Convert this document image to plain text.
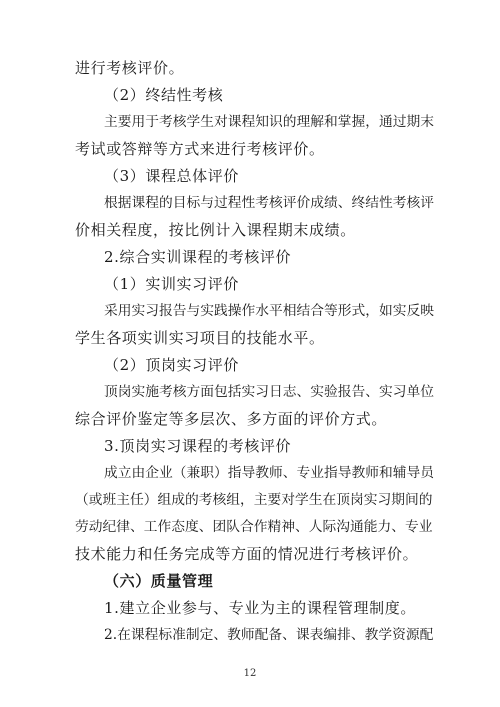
进行考核评价。
（2）终结性考核
主要用于考核学生对课程知识的理解和掌握，通过期末
考试或答辩等方式来进行考核评价。
（3）课程总体评价
根据课程的目标与过程性考核评价成绩、终结性考核评
价相关程度，按比例计入课程期末成绩。
2.综合实训课程的考核评价
（1）实训实习评价
采用实习报告与实践操作水平相结合等形式，如实反映
学生各项实训实习项目的技能水平。
（2）顶岗实习评价
顶岗实施考核方面包括实习日志、实验报告、实习单位
综合评价鉴定等多层次、多方面的评价方式。
3.顶岗实习课程的考核评价
成立由企业（兼职）指导教师、专业指导教师和辅导员
（或班主任）组成的考核组，主要对学生在顶岗实习期间的
劳动纪律、工作态度、团队合作精神、人际沟通能力、专业
技术能力和任务完成等方面的情况进行考核评价。
（六）质量管理
1.建立企业参与、专业为主的课程管理制度。
2.在课程标准制定、教师配备、课表编排、教学资源配
12
